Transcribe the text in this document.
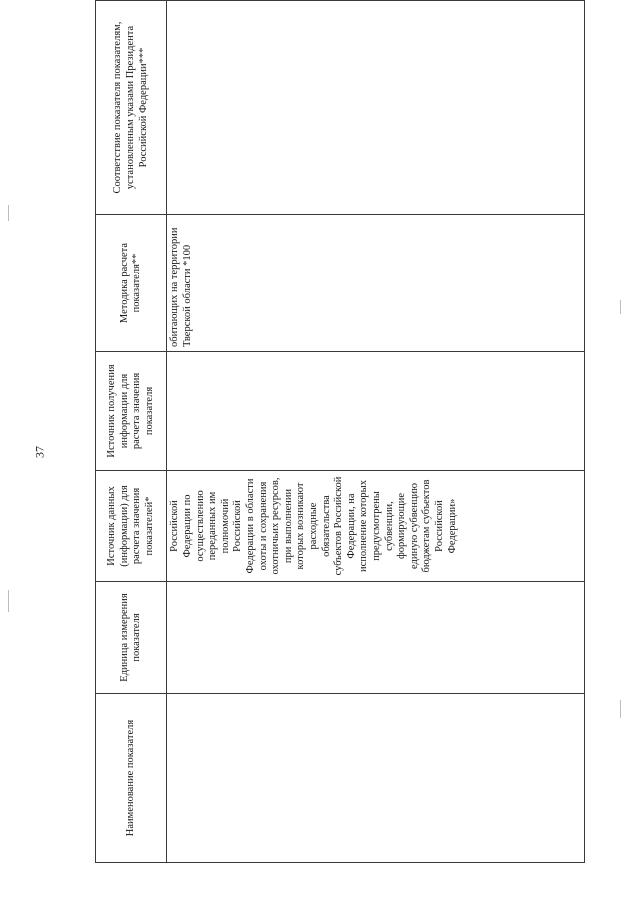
37
Наименование показателя	Единица измерения показателя	Источник данных (информации) для расчета значения показателей*	Источник получения информации для расчета значения показателя	Методика расчета показателя**	Соответствие показателя показателям, установленным указами Президента Российской Федерации***
		Российской Федерации по осуществлению переданных им полномочий Российской Федерации в области охоты и сохранения охотничьих ресурсов, при выполнении которых возникают расходные обязательства субъектов Российской Федерации, на исполнение которых предусмотрены субвенции, формирующие единую субвенцию бюджетам субъектов Российской Федерации»		обитающих на территории Тверской области *100	
